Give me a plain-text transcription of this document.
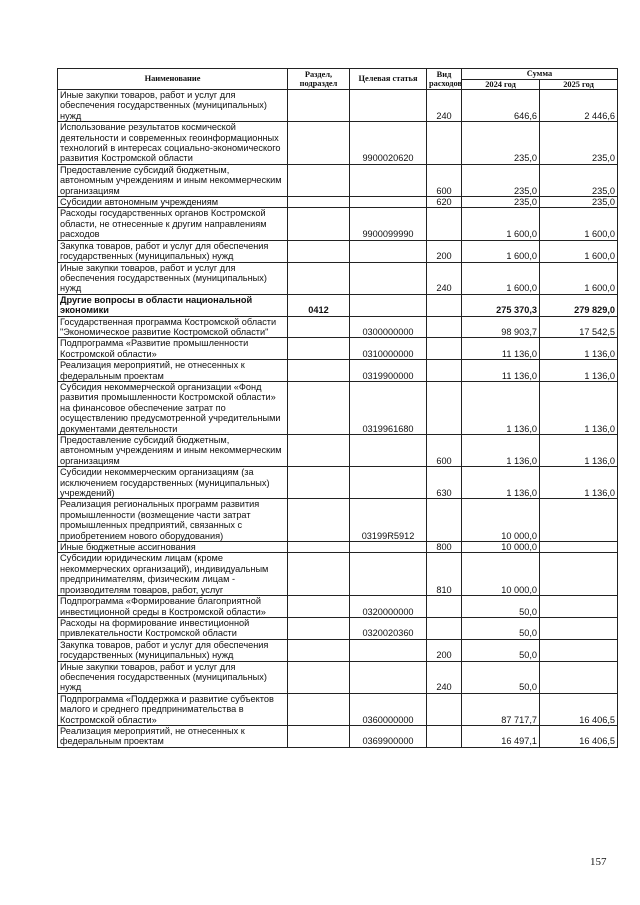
Наименование	Раздел, подраздел	Целевая статья	Вид расходов	Сумма	
				2024 год	2025 год
Иные закупки товаров, работ и услуг для обеспечения государственных (муниципальных) нужд			240	646,6	2 446,6
Использование результатов космической деятельности и современных геоинформационных технологий в интересах социально-экономического развития Костромской области		9900020620		235,0	235,0
Предоставление субсидий бюджетным, автономным учреждениям и иным некоммерческим организациям			600	235,0	235,0
Субсидии автономным учреждениям			620	235,0	235,0
Расходы государственных органов Костромской области, не отнесенные к другим направлениям расходов		9900099990		1 600,0	1 600,0
Закупка товаров, работ и услуг для обеспечения государственных (муниципальных) нужд			200	1 600,0	1 600,0
Иные закупки товаров, работ и услуг для обеспечения государственных (муниципальных) нужд			240	1 600,0	1 600,0
Другие вопросы в области национальной экономики	0412			275 370,3	279 829,0
Государственная программа Костромской области "Экономическое развитие Костромской области"		0300000000		98 903,7	17 542,5
Подпрограмма «Развитие промышленности Костромской области»		0310000000		11 136,0	1 136,0
Реализация мероприятий, не отнесенных к федеральным проектам		0319900000		11 136,0	1 136,0
Субсидия некоммерческой организации «Фонд развития промышленности Костромской области» на финансовое обеспечение затрат по осуществлению предусмотренной учредительными документами деятельности		0319961680		1 136,0	1 136,0
Предоставление субсидий бюджетным, автономным учреждениям и иным некоммерческим организациям			600	1 136,0	1 136,0
Субсидии некоммерческим организациям (за исключением государственных (муниципальных) учреждений)			630	1 136,0	1 136,0
Реализация региональных программ развития промышленности (возмещение части затрат промышленных предприятий, связанных с приобретением нового оборудования)		03199R5912		10 000,0	
Иные бюджетные ассигнования			800	10 000,0	
Субсидии юридическим лицам (кроме некоммерческих организаций), индивидуальным предпринимателям, физическим лицам - производителям товаров, работ, услуг			810	10 000,0	
Подпрограмма «Формирование благоприятной инвестиционной среды в Костромской области»		0320000000		50,0	
Расходы на формирование инвестиционной привлекательности Костромской области		0320020360		50,0	
Закупка товаров, работ и услуг для обеспечения государственных (муниципальных) нужд			200	50,0	
Иные закупки товаров, работ и услуг для обеспечения государственных (муниципальных) нужд			240	50,0	
Подпрограмма «Поддержка и развитие субъектов малого и среднего предпринимательства в Костромской области»		0360000000		87 717,7	16 406,5
Реализация мероприятий, не отнесенных к федеральным проектам		0369900000		16 497,1	16 406,5
157
